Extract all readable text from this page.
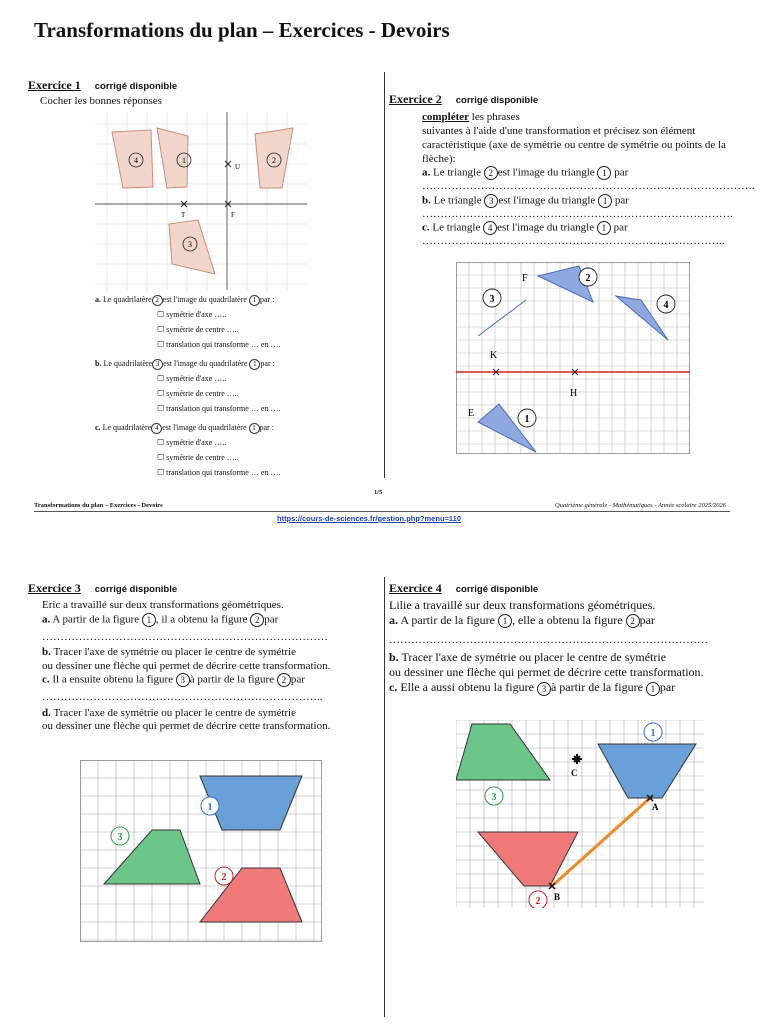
Transformations du plan – Exercices - Devoirs
Exercice 1 corrigé disponible
Cocher les bonnes réponses
4	1	2
3
U
T	F
a. Le quadrilatère 2 est l'image du quadrilatère 1 par :
☐ symétrie d'axe …..
☐ symétrie de centre …..
☐ translation qui transforme … en ….
b. Le quadrilatère 3 est l'image du quadrilatère 1 par :
☐ symétrie d'axe …..
☐ symétrie de centre …..
☐ translation qui transforme … en ….
c. Le quadrilatère 4 est l'image du quadrilatère 1 par :
☐ symétrie d'axe …..
☐ symétrie de centre …..
☐ translation qui transforme … en ….
Exercice 2 corrigé disponible
compléter les phrases
suivantes à l'aide d'une transformation et précisez son élément caractéristique (axe de symétrie ou centre de symétrie ou points de la flèche):
a. Le triangle 2 est l'image du triangle 1 par
……………………………………………………………………………….
b. Le triangle 3 est l'image du triangle 1 par
………………………………………………………………………….
c. Le triangle 4 est l'image du triangle 1 par
………………………………………………………………………..
2
3
4
1
F
K
H
E
1/5
Transformations du plan – Exercices - Devoirs	Quatrième générale - Mathématiques - Année scolaire 2025/2026
https://cours-de-sciences.fr/gestion.php?menu=110
Exercice 3 corrigé disponible
Eric a travaillé sur deux transformations géométriques.
a. A partir de la figure 1 , il a obtenu la figure 2 par
……………………………………………………………………
b. Tracer l'axe de symétrie ou placer le centre de symétrie
ou dessiner une flèche qui permet de décrire cette transformation.
c. Il a ensuite obtenu la figure 3 à partir de la figure 2 par
…………………………………………………………………..
d. Tracer l'axe de symétrie ou placer le centre de symétrie
ou dessiner une flèche qui permet de décrire cette transformation.
1
3
2
Exercice 4 corrigé disponible
Lilie a travaillé sur deux transformations géométriques.
a. A partir de la figure 1 , elle a obtenu la figure 2 par
……………………………………………………………………………
b. Tracer l'axe de symétrie ou placer le centre de symétrie
ou dessiner une flèche qui permet de décrire cette transformation.
c. Elle a aussi obtenu la figure 3 à partir de la figure 1 par
C
A
B
1
3
2
